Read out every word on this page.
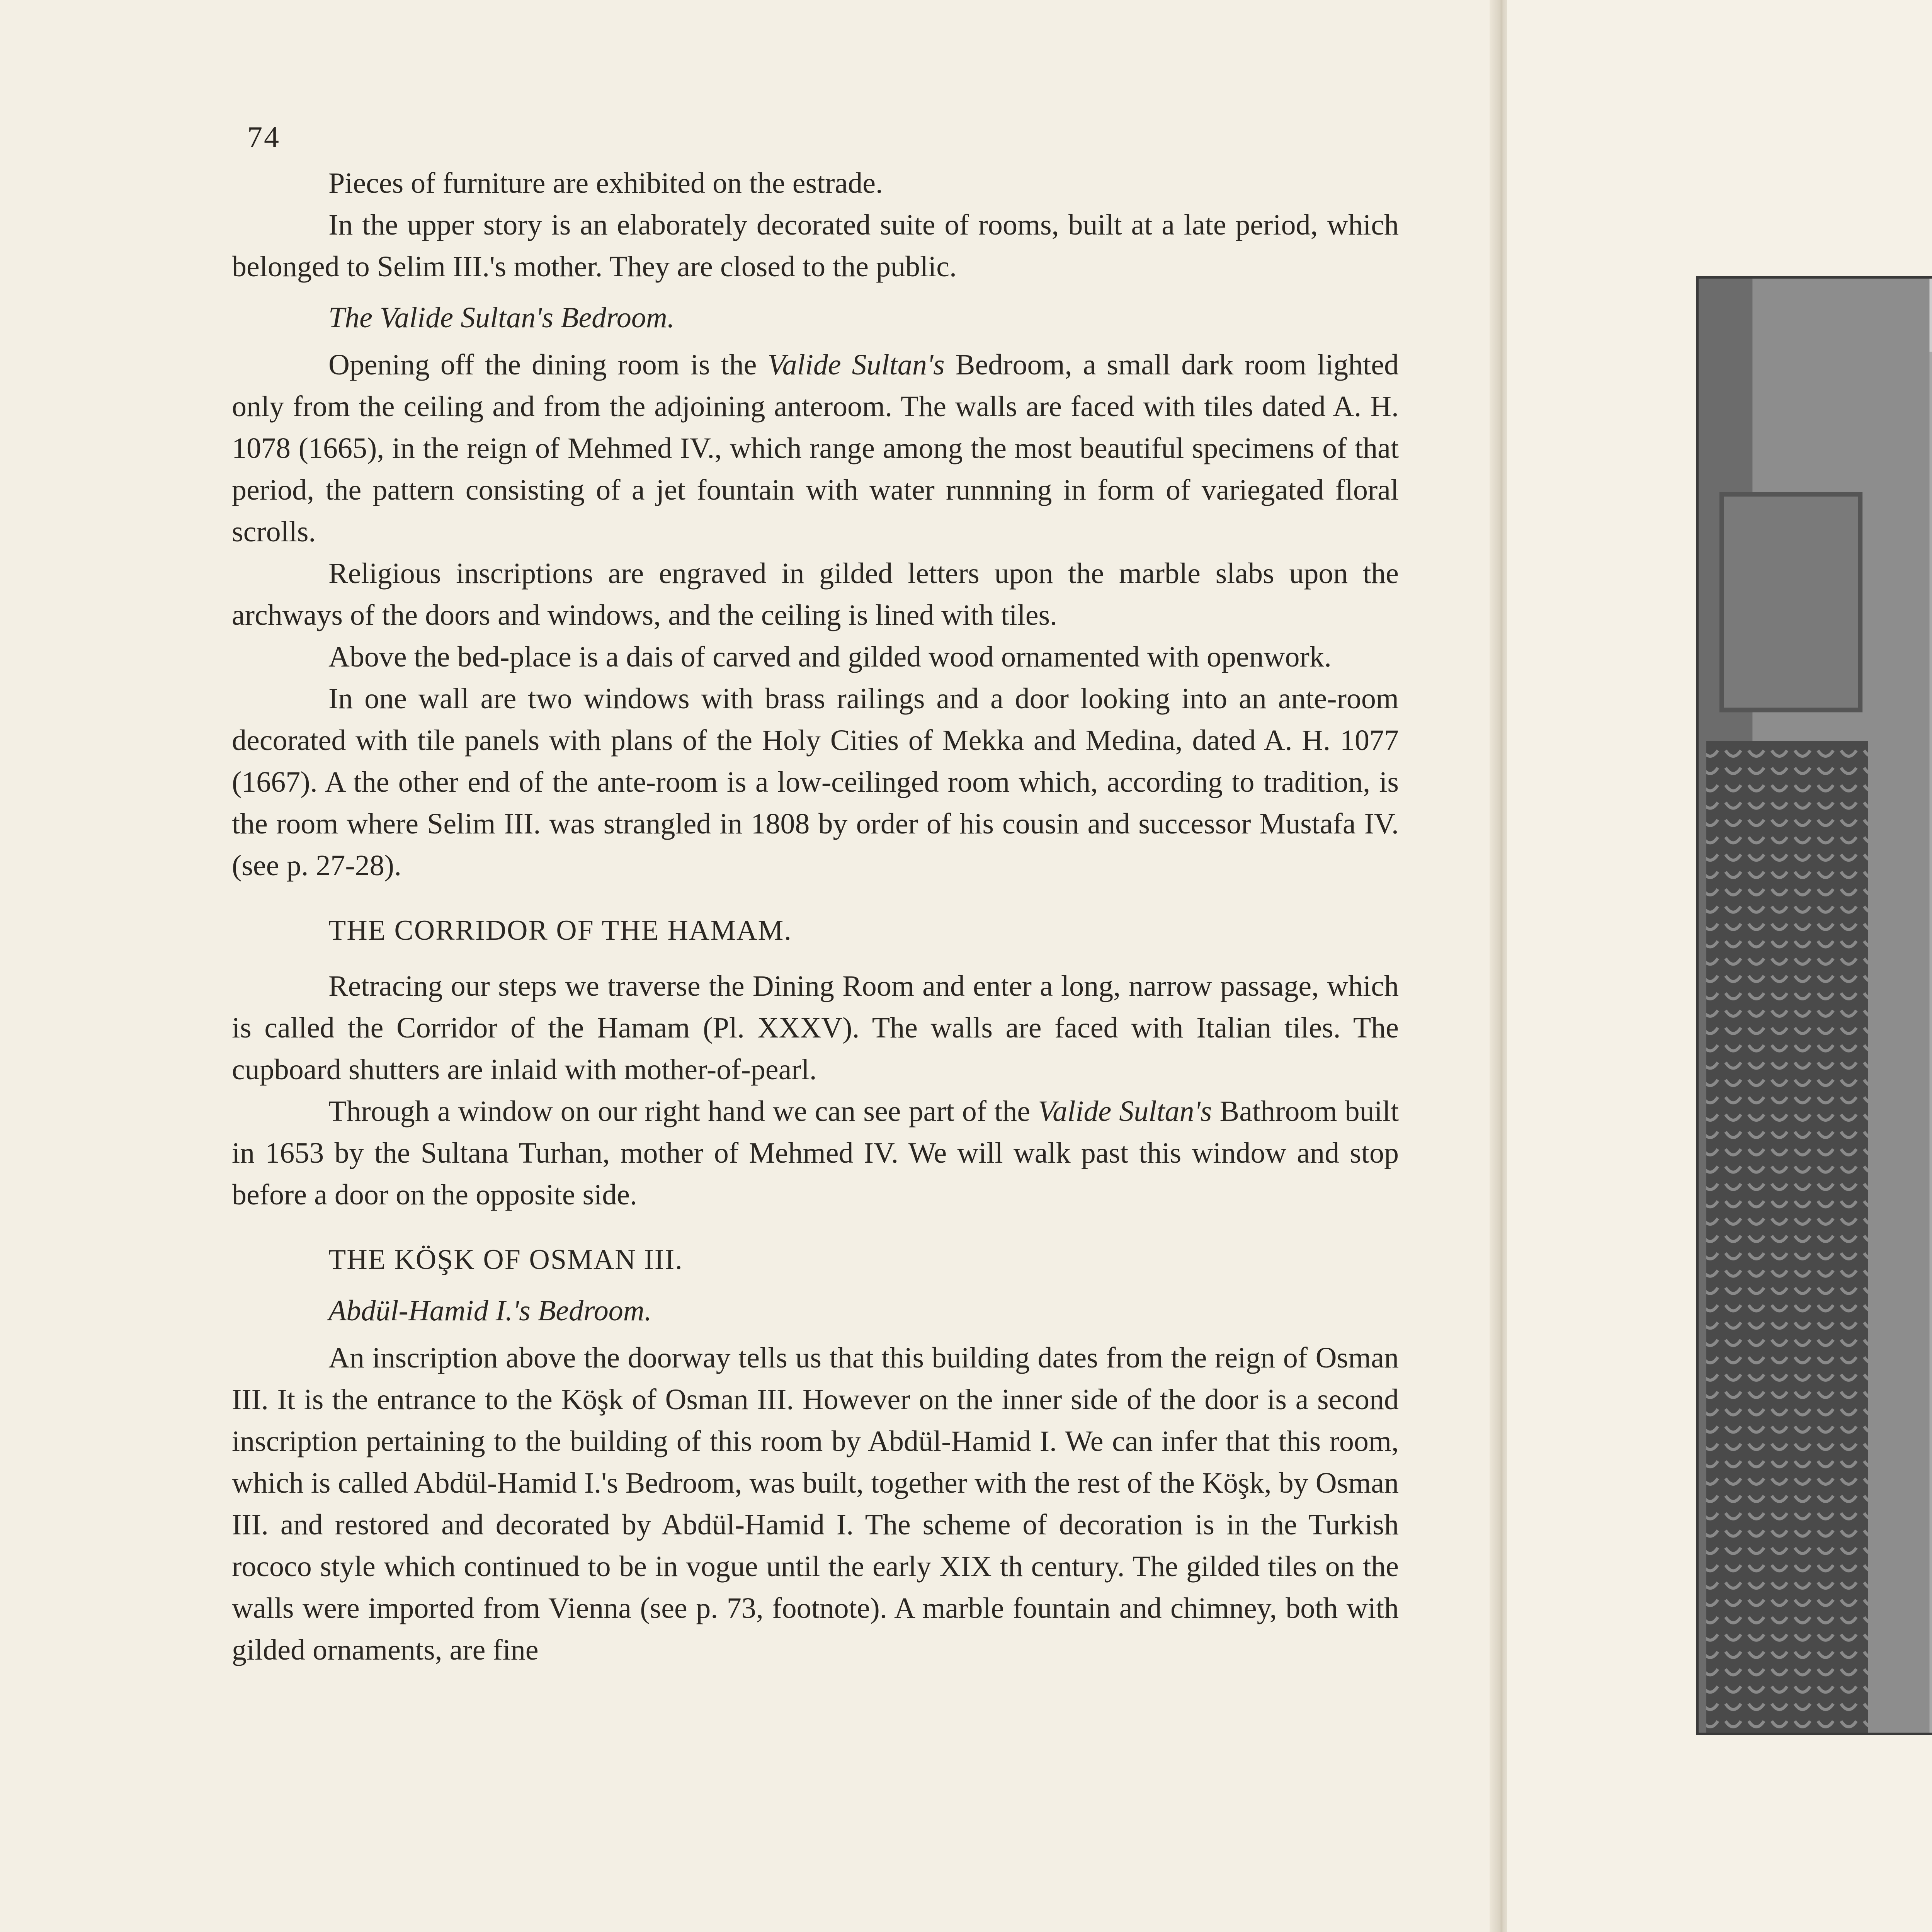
74

Pieces of furniture are exhibited on the estrade.

In the upper story is an elaborately decorated suite of rooms, built at a late period, which belonged to Selim III.'s mother. They are closed to the public.

The Valide Sultan's Bedroom.

Opening off the dining room is the Valide Sultan's Bedroom, a small dark room lighted only from the ceiling and from the adjoining anteroom. The walls are faced with tiles dated A. H. 1078 (1665), in the reign of Mehmed IV., which range among the most beautiful specimens of that period, the pattern consisting of a jet fountain with water runnning in form of variegated floral scrolls.

Religious inscriptions are engraved in gilded letters upon the marble slabs upon the archways of the doors and windows, and the ceiling is lined with tiles.

Above the bed-place is a dais of carved and gilded wood ornamented with openwork.

In one wall are two windows with brass railings and a door looking into an ante-room decorated with tile panels with plans of the Holy Cities of Mekka and Medina, dated A. H. 1077 (1667). A the other end of the ante-room is a low-ceilinged room which, according to tradition, is the room where Selim III. was strangled in 1808 by order of his cousin and successor Mustafa IV. (see p. 27-28).

THE CORRIDOR OF THE HAMAM.

Retracing our steps we traverse the Dining Room and enter a long, narrow passage, which is called the Corridor of the Hamam (Pl. XXXV). The walls are faced with Italian tiles. The cupboard shutters are inlaid with mother-of-pearl.

Through a window on our right hand we can see part of the Valide Sultan's Bathroom built in 1653 by the Sultana Turhan, mother of Mehmed IV. We will walk past this window and stop before a door on the opposite side.

THE KÖŞK OF OSMAN III.
Abdül-Hamid I.'s Bedroom.

An inscription above the doorway tells us that this building dates from the reign of Osman III. It is the entrance to the Köşk of Osman III. However on the inner side of the door is a second inscription pertaining to the building of this room by Abdül-Hamid I. We can infer that this room, which is called Abdül-Hamid I.'s Bedroom, was built, together with the rest of the Köşk, by Osman III. and restored and decorated by Abdül-Hamid I. The scheme of decoration is in the Turkish rococo style which continued to be in vogue until the early XIX th century. The gilded tiles on the walls were imported from Vienna (see p. 73, footnote). A marble fountain and chimney, both with gilded ornaments, are fine
